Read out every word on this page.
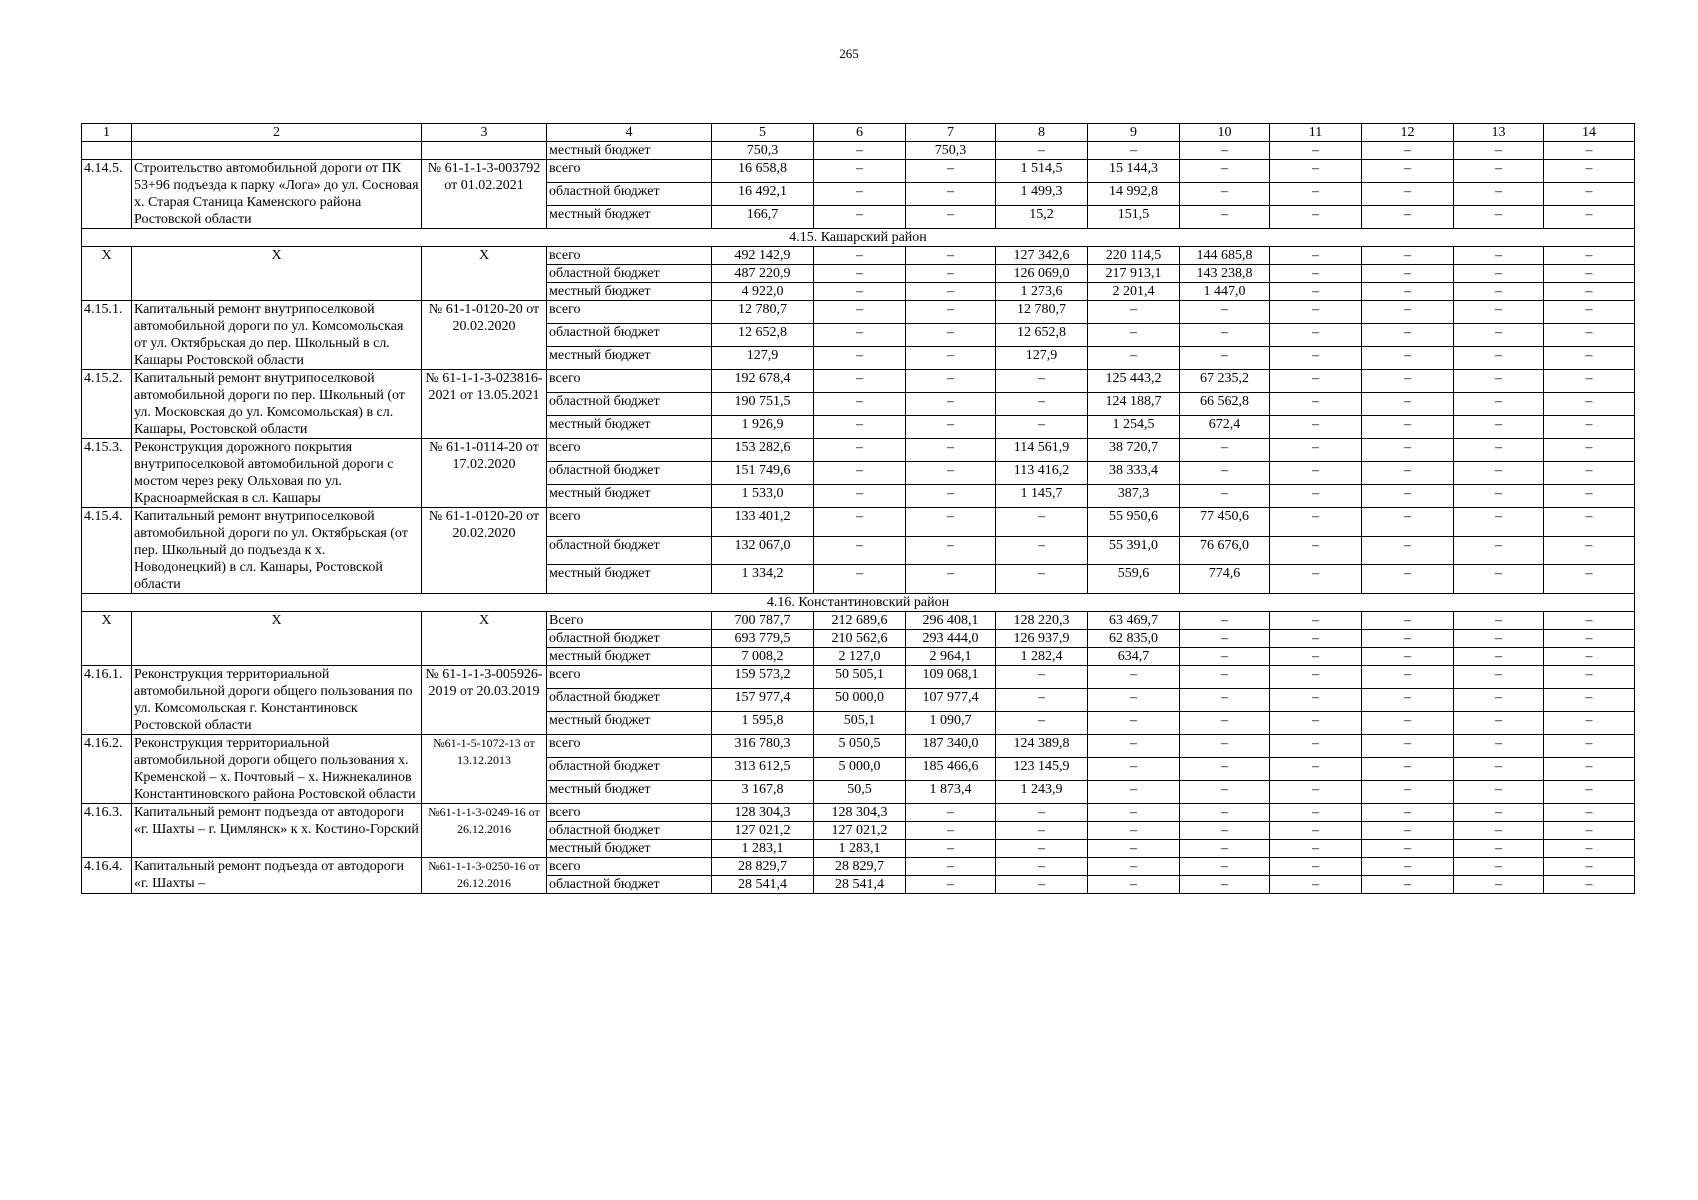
265
1	2	3	4	5	6	7	8	9	10	11	12	13	14
			местный бюджет	750,3	–	750,3	–	–	–	–	–	–	–
4.14.5.	Строительство автомобильной дороги от ПК 53+96 подъезда к парку «Лога» до ул. Сосновая х. Старая Станица Каменского района Ростовской области	№ 61-1-1-3-003792 от 01.02.2021	всего	16 658,8	–	–	1 514,5	15 144,3	–	–	–	–	–
			областной бюджет	16 492,1	–	–	1 499,3	14 992,8	–	–	–	–	–
			местный бюджет	166,7	–	–	15,2	151,5	–	–	–	–	–
4.15. Кашарский район													
Х	Х	Х	всего	492 142,9	–	–	127 342,6	220 114,5	144 685,8	–	–	–	–
			областной бюджет	487 220,9	–	–	126 069,0	217 913,1	143 238,8	–	–	–	–
			местный бюджет	4 922,0	–	–	1 273,6	2 201,4	1 447,0	–	–	–	–
4.15.1.	Капитальный ремонт внутрипоселковой автомобильной дороги по ул. Комсомольская от ул. Октябрьская до пер. Школьный в сл. Кашары Ростовской области	№ 61-1-0120-20 от 20.02.2020	всего	12 780,7	–	–	12 780,7	–	–	–	–	–	–
			областной бюджет	12 652,8	–	–	12 652,8	–	–	–	–	–	–
			местный бюджет	127,9	–	–	127,9	–	–	–	–	–	–
4.15.2.	Капитальный ремонт внутрипоселковой автомобильной дороги по пер. Школьный (от ул. Московская до ул. Комсомольская) в сл. Кашары, Ростовской области	№ 61-1-1-3-023816-2021 от 13.05.2021	всего	192 678,4	–	–	–	125 443,2	67 235,2	–	–	–	–
			областной бюджет	190 751,5	–	–	–	124 188,7	66 562,8	–	–	–	–
			местный бюджет	1 926,9	–	–	–	1 254,5	672,4	–	–	–	–
4.15.3.	Реконструкция дорожного покрытия внутрипоселковой автомобильной дороги с мостом через реку Ольховая по ул. Красноармейская в сл. Кашары	№ 61-1-0114-20 от 17.02.2020	всего	153 282,6	–	–	114 561,9	38 720,7	–	–	–	–	–
			областной бюджет	151 749,6	–	–	113 416,2	38 333,4	–	–	–	–	–
			местный бюджет	1 533,0	–	–	1 145,7	387,3	–	–	–	–	–
4.15.4.	Капитальный ремонт внутрипоселковой автомобильной дороги по ул. Октябрьская (от пер. Школьный до подъезда к х. Новодонецкий) в сл. Кашары, Ростовской области	№ 61-1-0120-20 от 20.02.2020	всего	133 401,2	–	–	–	55 950,6	77 450,6	–	–	–	–
			областной бюджет	132 067,0	–	–	–	55 391,0	76 676,0	–	–	–	–
			местный бюджет	1 334,2	–	–	–	559,6	774,6	–	–	–	–
4.16. Константиновский район													
Х	Х	Х	Всего	700 787,7	212 689,6	296 408,1	128 220,3	63 469,7	–	–	–	–	–
			областной бюджет	693 779,5	210 562,6	293 444,0	126 937,9	62 835,0	–	–	–	–	–
			местный бюджет	7 008,2	2 127,0	2 964,1	1 282,4	634,7	–	–	–	–	–
4.16.1.	Реконструкция территориальной автомобильной дороги общего пользования по ул. Комсомольская г. Константиновск Ростовской области	№ 61-1-1-3-005926-2019 от 20.03.2019	всего	159 573,2	50 505,1	109 068,1	–	–	–	–	–	–	–
			областной бюджет	157 977,4	50 000,0	107 977,4	–	–	–	–	–	–	–
			местный бюджет	1 595,8	505,1	1 090,7	–	–	–	–	–	–	–
4.16.2.	Реконструкция территориальной автомобильной дороги общего пользования х. Кременской – х. Почтовый – х. Нижнекалинов Константиновского района Ростовской области	№61-1-5-1072-13 от 13.12.2013	всего	316 780,3	5 050,5	187 340,0	124 389,8	–	–	–	–	–	–
			областной бюджет	313 612,5	5 000,0	185 466,6	123 145,9	–	–	–	–	–	–
			местный бюджет	3 167,8	50,5	1 873,4	1 243,9	–	–	–	–	–	–
4.16.3.	Капитальный ремонт подъезда от автодороги «г. Шахты – г. Цимлянск» к х. Костино-Горский	№61-1-1-3-0249-16 от 26.12.2016	всего	128 304,3	128 304,3	–	–	–	–	–	–	–	–
			областной бюджет	127 021,2	127 021,2	–	–	–	–	–	–	–	–
			местный бюджет	1 283,1	1 283,1	–	–	–	–	–	–	–	–
4.16.4.	Капитальный ремонт подъезда от автодороги «г. Шахты –	№61-1-1-3-0250-16 от 26.12.2016	всего	28 829,7	28 829,7	–	–	–	–	–	–	–	–
			областной бюджет	28 541,4	28 541,4	–	–	–	–	–	–	–	–
